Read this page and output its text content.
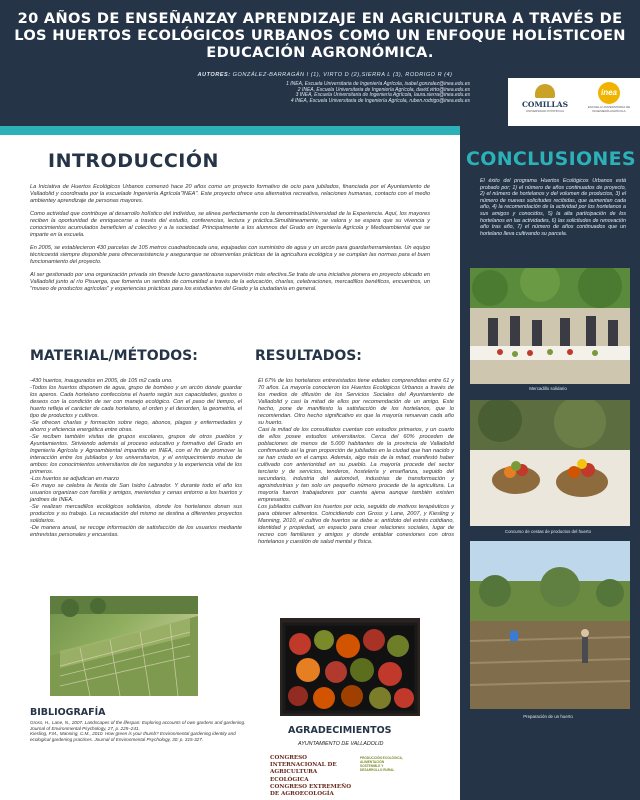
20 AÑOS DE ENSEÑANZAY APRENDIZAJE EN AGRICULTURA A TRAVÉS DE LOS HUERTOS ECOLÓGICOS URBANOS COMO UN ENFOQUE HOLÍSTICOEN EDUCACIÓN AGRONÓMICA.
AUTORES: GONZÁLEZ-BARRAGÁN I (1), VIRTO D (2),SIERRA L (3), RODRIGO R (4)
1 INEA, Escuela Universitaria de Ingeniería Agrícola, isabel.gonzalez@inea.edu.es
2 INEA, Escuela Universitaria de Ingeniería Agrícola, david.virto@inea.edu.es
3 INEA, Escuela Universitaria de Ingeniería Agrícola, laura.sierra@inea.edu.es
4 INEA, Escuela Universitaria de Ingeniería Agrícola, ruben.rodrigo@inea.edu.es	COMILLAS
UNIVERSIDAD PONTIFICIA
inea
ESCUELA UNIVERSITARIA DE INGENIERÍA AGRÍCOLA
INTRODUCCIÓN

La Iniciativa de Huertos Ecológicos Urbanos comenzó hace 20 años como un proyecto formativo de ocio para jubilados, financiada por el Ayuntamiento de Valladolid y coordinada por la escuelade Ingeniería Agrícola"INEA". Este proyecto ofrece una alternativa recreativa, relaciones humanas, contacto con el medio ambientey aprendizaje de personas mayores.

Como actividad que contribuye al desarrollo holístico del individuo, se alinea perfectamente con la denominadaUniversidad de la Experiencia. Aquí, los mayores reciben la oportunidad de enriquecerse a través del estudio, conferencias, lectura y práctica.Simultáneamente, se valora y se espera que su vivencia y conocimientos acumulados beneficien al colectivo y a la sociedad. Principalmente a los alumnos del Grado en Ingeniería Agrícola y Medioambiental que se imparte en la escuela.

En 2005, se establecieron 430 parcelas de 105 metros cuadradoscada una, equipadas con suministro de agua y un arcón para guardarherramientas. Un equipo técnicoestá siempre disponible para ofrecerasistencia y asegurarque se observenlas prácticas de la agricultura ecológica y se cumplan las normas para el buen funcionamiento del proyecto.

Al ser gestionado por una organización privada sin finesde lucro garantizauna supervisión más efectiva.Se trata de una iniciativa pionera en proyecto ubicado en Valladolid junto al río Pisuerga, que fomenta un sentido de comunidad a través de la educación, charlas, celebraciones, mercadillos benéficos, encuentros, un "museo de productos agrícolas" y experiencias prácticas para los estudiantes del Grado y la ciudadanía en general.

MATERIAL/MÉTODOS:
-430 huertos, inaugurados en 2005, de 105 m2 cada uno.
-Todos los huertos disponen de agua, grupo de bombeo y un arcón donde guardar los aperos. Cada hortelano confecciona el huerto según sus capacidades, gustos o deseos con la condición de ser con manejo ecológico. Con el paso del tiempo, el huerto refleja el carácter de cada hortelano, el orden y el desorden, la geometría, el tipo de productos y cultivos.
-Se ofrecen charlas y formación sobre riego, abonos, plagas y enfermedades y ahorro y eficiencia energética entre otras.
-Se reciben también visitas de grupos escolares, grupos de otros pueblos y Ayuntamientos. Siriviendo además al proceso educativo y formativo del Grado en Ingeniería Agrícola y Agroambiental impartido en INEA, con el fin de promover la interacción entre los jubilados y los universitarios, y el enriquecimiento mutuo de ambos: los conocimientos universitarios de los segundos y la experiencia vital de los primeros.
-Los huertos se adjudican en marzo
-En mayo se celebra la fiesta de San Isidro Labrador. Y durante todo el año los usuarios organizan con familia y amigos, meriendas y cenas entorno a los huertos y jardines de INEA.
-Se realizan mercadillos ecológicos solidarios, donde los hortelanos donan sus productos y su trabajo. La recaudación del mismo se destina a diferentes proyectos solidarios.
-De manera anual, se recoge información de satisfacción de los usuarios mediante entrevistas personales y encuestas.
RESULTADOS:
El 67% de los hortelanos entrevistados tiene edades comprendidas entre 61 y 70 años. La mayoría conocieron los Huertos Ecológicos Urbanos a través de los medios de difusión de los Servicios Sociales del Ayuntamiento de Valladolid y casi la mitad de ellos por recomendación de un amigo. Este hecho, pone de manifiesto la satisfacción de los hortelanos, que lo recomiendan. Otro hecho significativo es que la mayoría renuevan cada año su huerto.
Casi la mitad de los consultados cuentan con estudios primarios, y un cuarto de ellos posee estudios universitarios. Cerca del 60% proceden de poblaciones de menos de 5.000 habitantes de la provincia de Valladolid confirmando así la gran proporción de jubilados en la ciudad que han nacido y se han criado en el campo. Además, algo más de la mitad, manifestó haber cultivado con anterioridad en su pueblo. La mayoría procede del sector terciario y de servicios, tenderos, hostelería y enseñanza, seguido del secundario, industria del automóvil, industrias de transformación y agroindustrias y tan solo un pequeño número procede de la agricultura. La mayoría fueron trabajadores por cuenta ajena aunque también existen empresarios.
Los jubilados cultivan los huertos por ocio, seguido de motivos terapéuticos y para obtener alimentos. Coincidiendo con Gross y Lane, 2007, y Kiesling y Manning, 2010, el cultivo de huertos se debe a: antídoto del estrés cotidiano, identidad y propiedad, un espacio para crear relaciones sociales, lugar de recreo con familiares y amigos y donde entablar conexiones con otros hortelanos y cuestión de salud mental y física.
BIBLIOGRAFÍA
Gross, H., Lane, N., 2007. Landscapes of the lifespan: Exploring accounts of own gardens and gardening. Journal of Environmental Psychology, 27, p. 225–241.
Kiesling, F.M., Manning, C.M., 2010. How green is your thumb? Environmental gardening identity and ecological gardening practices. Journal of Environmental Psychology, 30: p. 315-327.
AGRADECIMIENTOS
AYUNTAMIENTO DE VALLADOLID
CONCLUSIONES
El éxito del programa Huertos Ecológicos Urbanos está probado por; 1) el número de años continuados de proyecto, 2) el número de hortelanos y del volumen de productos, 3) el número de nuevas solicitudes recibidas, que aumentan cada año, 4) la recomendación de la actividad por los hortelanos a sus amigos y conocidos, 5) la alta participación de los hortelanos en las actividades, 6) las solicitudes de renovación año tras año, 7) el número de años continuados que un hortelano lleva cultivando su parcela.
Mercadillo solidario
Concurso de cestas de productos del huerto
Preparación de un huerto
CONGRESO INTERNACIONAL DE
AGRICULTURA ECOLÓGICA
CONGRESO EXTREMEÑO
DE AGROECOLOGÍA
PRODUCCIÓN ECOLÓGICA, ALIMENTACIÓN SOSTENIBLE Y DESARROLLO RURAL
